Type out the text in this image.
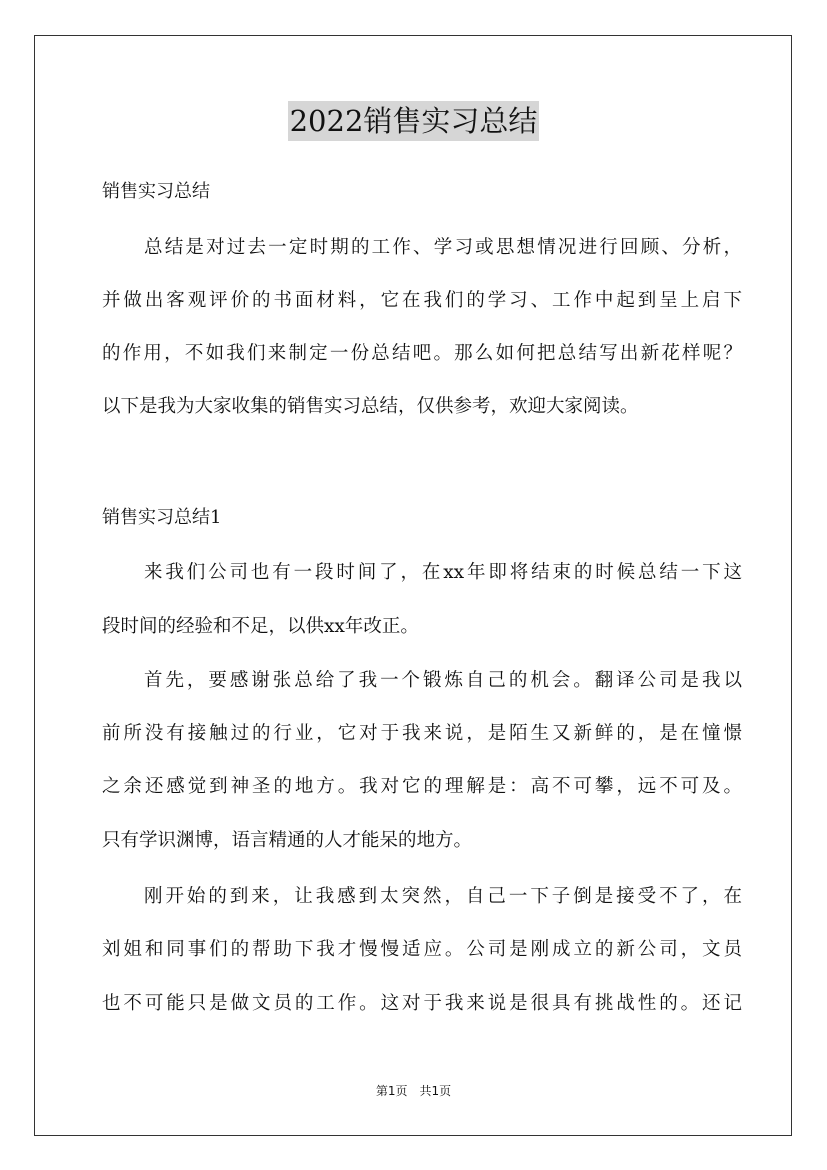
2022销售实习总结
销售实习总结
总结是对过去一定时期的工作、学习或思想情况进行回顾、分析，
并做出客观评价的书面材料，它在我们的学习、工作中起到呈上启下
的作用，不如我们来制定一份总结吧。那么如何把总结写出新花样呢？
以下是我为大家收集的销售实习总结，仅供参考，欢迎大家阅读。
销售实习总结1
来我们公司也有一段时间了，在xx年即将结束的时候总结一下这
段时间的经验和不足，以供xx年改正。
首先，要感谢张总给了我一个锻炼自己的机会。翻译公司是我以
前所没有接触过的行业，它对于我来说，是陌生又新鲜的，是在憧憬
之余还感觉到神圣的地方。我对它的理解是：高不可攀，远不可及。
只有学识渊博，语言精通的人才能呆的地方。
刚开始的到来，让我感到太突然，自己一下子倒是接受不了，在
刘姐和同事们的帮助下我才慢慢适应。公司是刚成立的新公司，文员
也不可能只是做文员的工作。这对于我来说是很具有挑战性的。还记
第1页 共1页
